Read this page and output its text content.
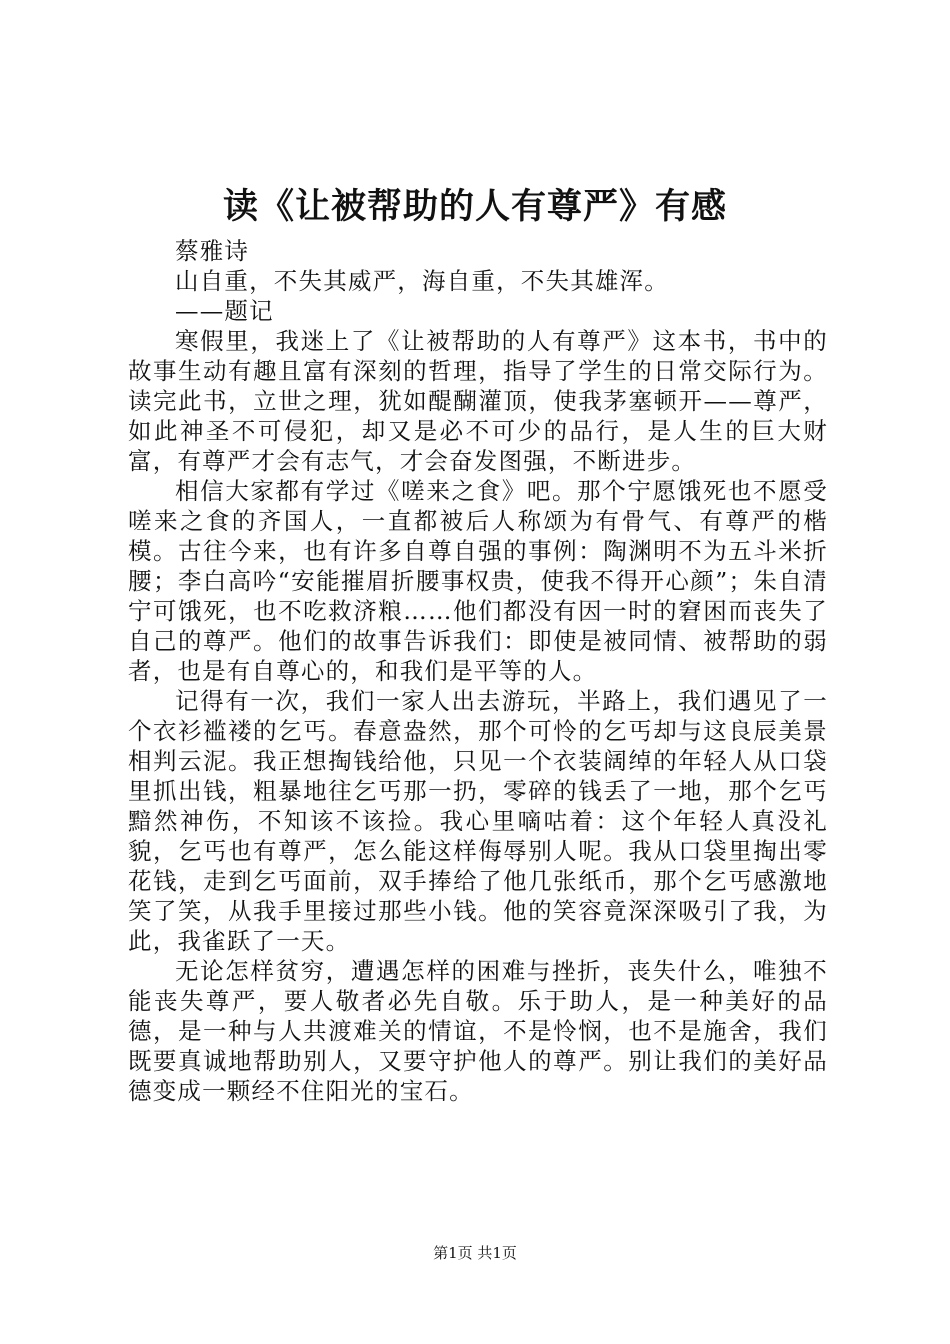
读《让被帮助的人有尊严》有感

蔡雅诗

山自重，不失其威严，海自重，不失其雄浑。

——题记

寒假里，我迷上了《让被帮助的人有尊严》这本书，书中的故事生动有趣且富有深刻的哲理，指导了学生的日常交际行为。读完此书，立世之理，犹如醍醐灌顶，使我茅塞顿开——尊严，如此神圣不可侵犯，却又是必不可少的品行，是人生的巨大财富，有尊严才会有志气，才会奋发图强，不断进步。

相信大家都有学过《嗟来之食》吧。那个宁愿饿死也不愿受嗟来之食的齐国人，一直都被后人称颂为有骨气、有尊严的楷模。古往今来，也有许多自尊自强的事例：陶渊明不为五斗米折腰；李白高吟“安能摧眉折腰事权贵，使我不得开心颜”；朱自清宁可饿死，也不吃救济粮……他们都没有因一时的窘困而丧失了自己的尊严。他们的故事告诉我们：即使是被同情、被帮助的弱者，也是有自尊心的，和我们是平等的人。

记得有一次，我们一家人出去游玩，半路上，我们遇见了一个衣衫褴褛的乞丐。春意盎然，那个可怜的乞丐却与这良辰美景相判云泥。我正想掏钱给他，只见一个衣装阔绰的年轻人从口袋里抓出钱，粗暴地往乞丐那一扔，零碎的钱丢了一地，那个乞丐黯然神伤，不知该不该捡。我心里嘀咕着：这个年轻人真没礼貌，乞丐也有尊严，怎么能这样侮辱别人呢。我从口袋里掏出零花钱，走到乞丐面前，双手捧给了他几张纸币，那个乞丐感激地笑了笑，从我手里接过那些小钱。他的笑容竟深深吸引了我，为此，我雀跃了一天。

无论怎样贫穷，遭遇怎样的困难与挫折，丧失什么，唯独不能丧失尊严，要人敬者必先自敬。乐于助人，是一种美好的品德，是一种与人共渡难关的情谊，不是怜悯，也不是施舍，我们既要真诚地帮助别人，又要守护他人的尊严。别让我们的美好品德变成一颗经不住阳光的宝石。

第1页 共1页
